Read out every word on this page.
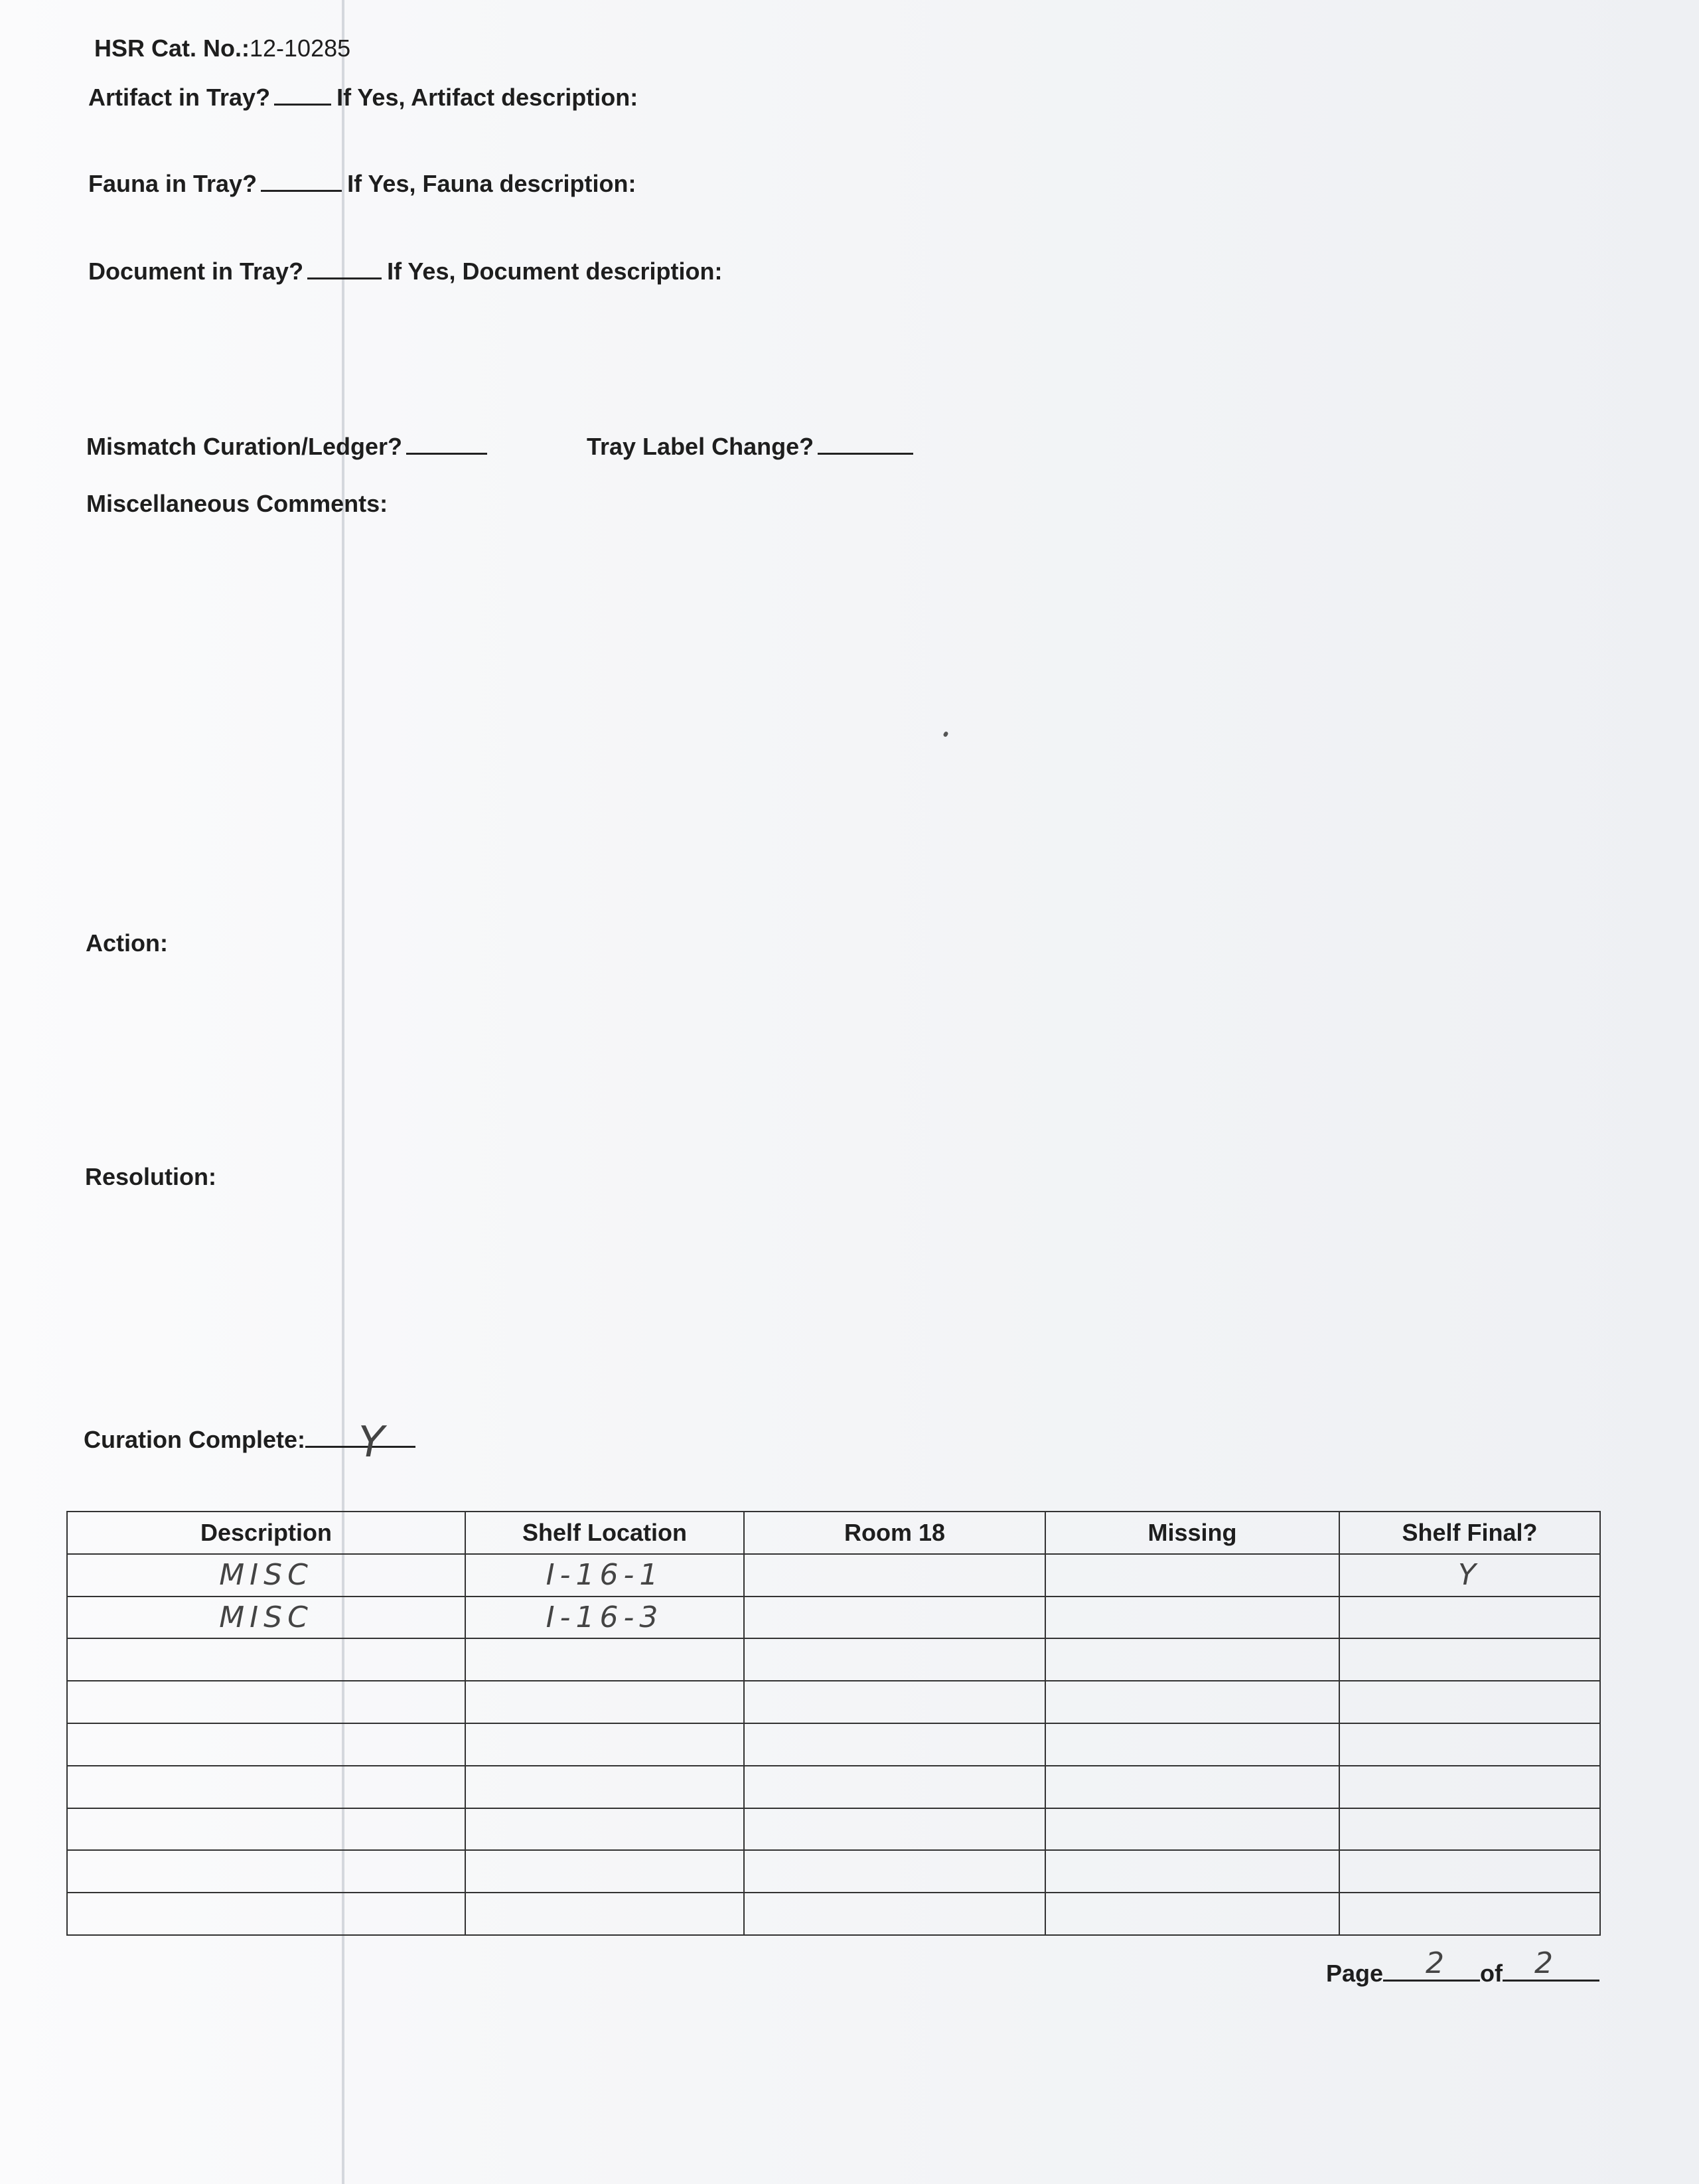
HSR Cat. No.:12-10285
Artifact in Tray?	If Yes, Artifact description:
Fauna in Tray?	If Yes, Fauna description:
Document in Tray?	If Yes, Document description:
Mismatch Curation/Ledger?	Tray Label Change?
Miscellaneous Comments:
Action:
Resolution:
Curation Complete:	Y
Description	Shelf Location	Room 18	Missing	Shelf Final?
MISC	I-16-1			Y
MISC	I-16-3			

Page	of
2	2
